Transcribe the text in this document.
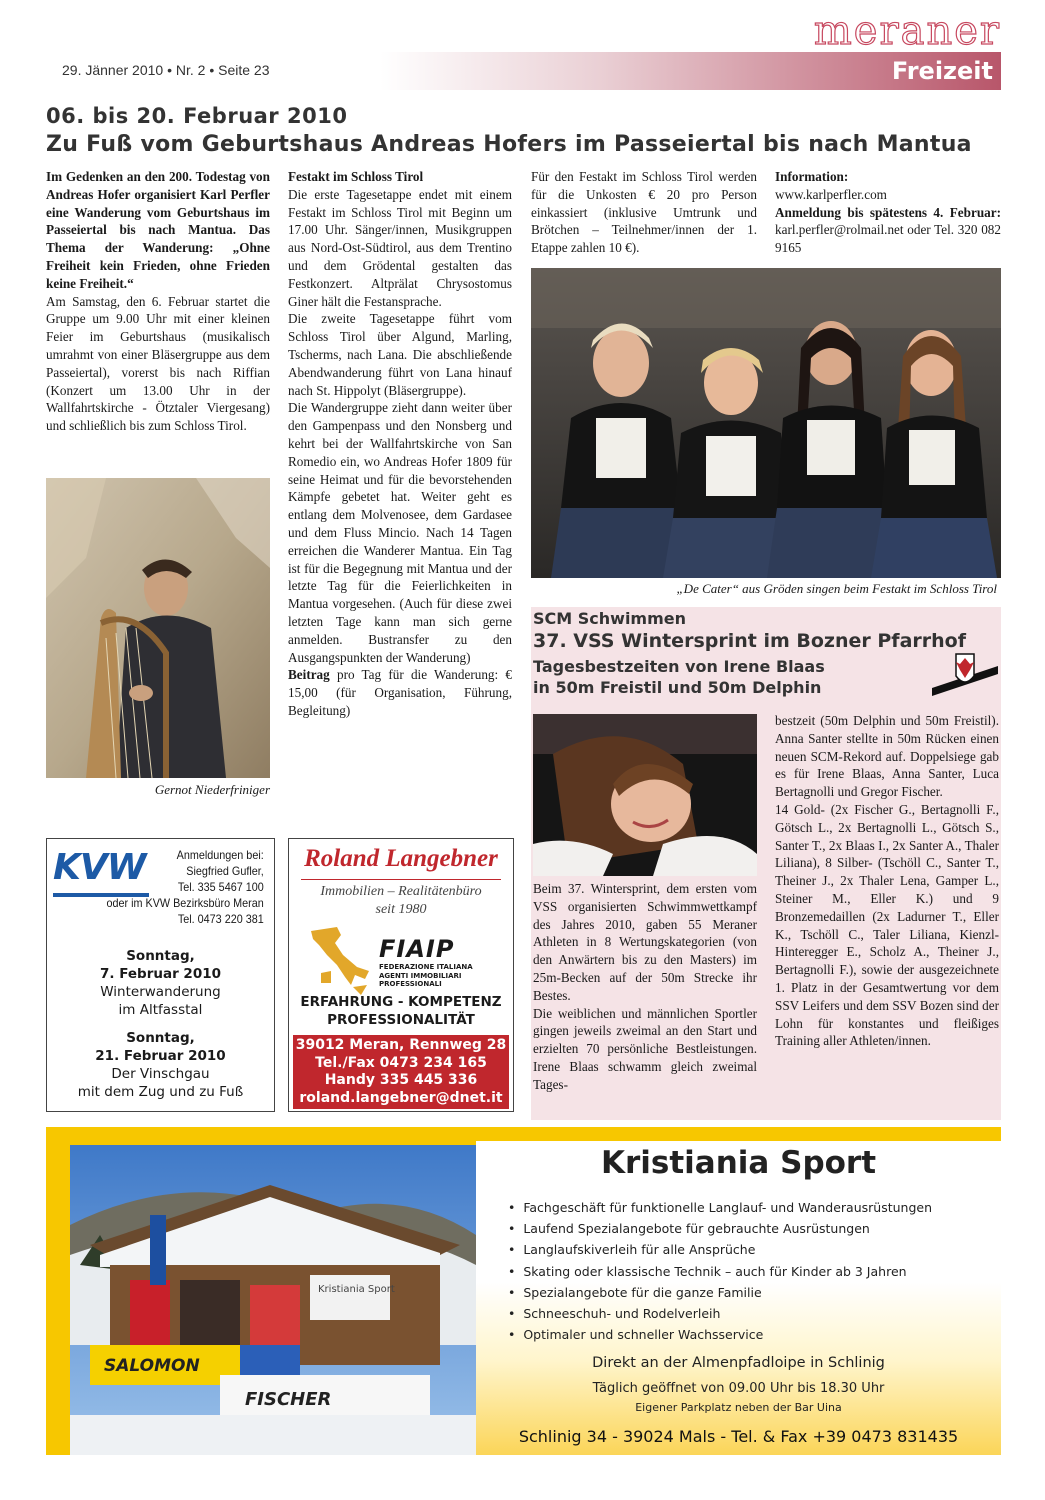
meraner
29. Jänner 2010 • Nr. 2 • Seite 23	Freizeit
06. bis 20. Februar 2010
Zu Fuß vom Geburtshaus Andreas Hofers im Passeiertal bis nach Mantua

Im Gedenken an den 200. Todestag von Andreas Hofer organisiert Karl Perfler eine Wanderung vom Geburtshaus im Passeiertal bis nach Mantua. Das Thema der Wanderung: „Ohne Freiheit kein Frieden, ohne Frieden keine Freiheit.“

Am Samstag, den 6. Februar startet die Gruppe um 9.00 Uhr mit einer kleinen Feier im Geburtshaus (musikalisch umrahmt von einer Bläsergruppe aus dem Passeiertal), vorerst bis nach Riffian (Konzert um 13.00 Uhr in der Wallfahrtskirche - Ötztaler Viergesang) und schließlich bis zum Schloss Tirol.

Gernot Niederfriniger

Festakt im Schloss Tirol

Die erste Tagesetappe endet mit einem Festakt im Schloss Tirol mit Beginn um 17.00 Uhr. Sänger/innen, Musikgruppen aus Nord-Ost-Südtirol, aus dem Trentino und dem Grödental gestalten das Festkonzert. Altprälat Chrysostomus Giner hält die Festansprache.

Die zweite Tagesetappe führt vom Schloss Tirol über Algund, Marling, Tscherms, nach Lana. Die abschließende Abendwanderung führt von Lana hinauf nach St. Hippolyt (Bläsergruppe).

Die Wandergruppe zieht dann weiter über den Gampenpass und den Nonsberg und kehrt bei der Wallfahrtskirche von San Romedio ein, wo Andreas Hofer 1809 für seine Heimat und für die bevorstehenden Kämpfe gebetet hat. Weiter geht es entlang dem Molvenosee, dem Gardasee und dem Fluss Mincio. Nach 14 Tagen erreichen die Wanderer Mantua. Ein Tag ist für die Begegnung mit Mantua und der letzte Tag für die Feierlichkeiten in Mantua vorgesehen. (Auch für diese zwei letzten Tage kann man sich gerne anmelden. Bustransfer zu den Ausgangspunkten der Wanderung)

Beitrag pro Tag für die Wanderung: € 15,00 (für Organisation, Führung, Begleitung)

Für den Festakt im Schloss Tirol werden für die Unkosten € 20 pro Person einkassiert (inklusive Umtrunk und Brötchen – Teilnehmer/innen der 1. Etappe zahlen 10 €).

Information:

www.karlperfler.com

Anmeldung bis spätestens 4. Februar: karl.perfler@rolmail.net oder Tel. 320 082 9165

„De Cater“ aus Gröden singen beim Festakt im Schloss Tirol
SCM Schwimmen
37. VSS Wintersprint im Bozner Pfarrhof
Tagesbestzeiten von Irene Blaas
in 50m Freistil und 50m Delphin

Beim 37. Wintersprint, dem ersten vom VSS organisierten Schwimmwettkampf des Jahres 2010, gaben 55 Meraner Athleten in 8 Wertungskategorien (von den Anwärtern bis zu den Masters) im 25m-Becken auf der 50m Strecke ihr Bestes.

Die weiblichen und männlichen Sportler gingen jeweils zweimal an den Start und erzielten 70 persönliche Bestleistungen. Irene Blaas schwamm gleich zweimal Tages-

bestzeit (50m Delphin und 50m Freistil). Anna Santer stellte in 50m Rücken einen neuen SCM-Rekord auf. Doppelsiege gab es für Irene Blaas, Anna Santer, Luca Bertagnolli und Gregor Fischer.

14 Gold- (2x Fischer G., Bertagnolli F., Götsch L., 2x Bertagnolli L., Götsch S., Santer T., 2x Blaas I., 2x Santer A., Thaler Liliana), 8 Silber- (Tschöll C., Santer T., Theiner J., 2x Thaler Lena, Gamper L., Steiner M., Eller K.) und 9 Bronzemedaillen (2x Ladurner T., Eller K., Tschöll C., Taler Liliana, Kienzl-Hinteregger E., Scholz A., Theiner J., Bertagnolli F.), sowie der ausgezeichnete 1. Platz in der Gesamtwertung vor dem SSV Leifers und dem SSV Bozen sind der Lohn für konstantes und fleißiges Training aller Athleten/innen.

KVW	Anmeldungen bei:
Siegfried Gufler,
Tel. 335 5467 100
oder im KVW Bezirksbüro Meran
Tel. 0473 220 381
Sonntag,
7. Februar 2010
Winterwanderung
im Altfasstal
Sonntag,
21. Februar 2010
Der Vinschgau
mit dem Zug und zu Fuß
Roland Langebner
Immobilien – Realitätenbüro
seit 1980
FIAIP
FEDERAZIONE ITALIANA
AGENTI IMMOBILIARI
PROFESSIONALI
ERFAHRUNG - KOMPETENZ
PROFESSIONALITÄT
39012 Meran, Rennweg 28
Tel./Fax 0473 234 165
Handy 335 445 336
roland.langebner@dnet.it
Kristiania Sport
SALOMON
FISCHER
Kristiania Sport
•  Fachgeschäft für funktionelle Langlauf- und Wanderausrüstungen
•  Laufend Spezialangebote für gebrauchte Ausrüstungen
•  Langlaufskiverleih für alle Ansprüche
•  Skating oder klassische Technik – auch für Kinder ab 3 Jahren
•  Spezialangebote für die ganze Familie
•  Schneeschuh- und Rodelverleih
•  Optimaler und schneller Wachsservice
Direkt an der Almenpfadloipe in Schlinig
Täglich geöffnet von 09.00 Uhr bis 18.30 Uhr
Eigener Parkplatz neben der Bar Uina
Schlinig 34 - 39024 Mals - Tel. & Fax +39 0473 831435
